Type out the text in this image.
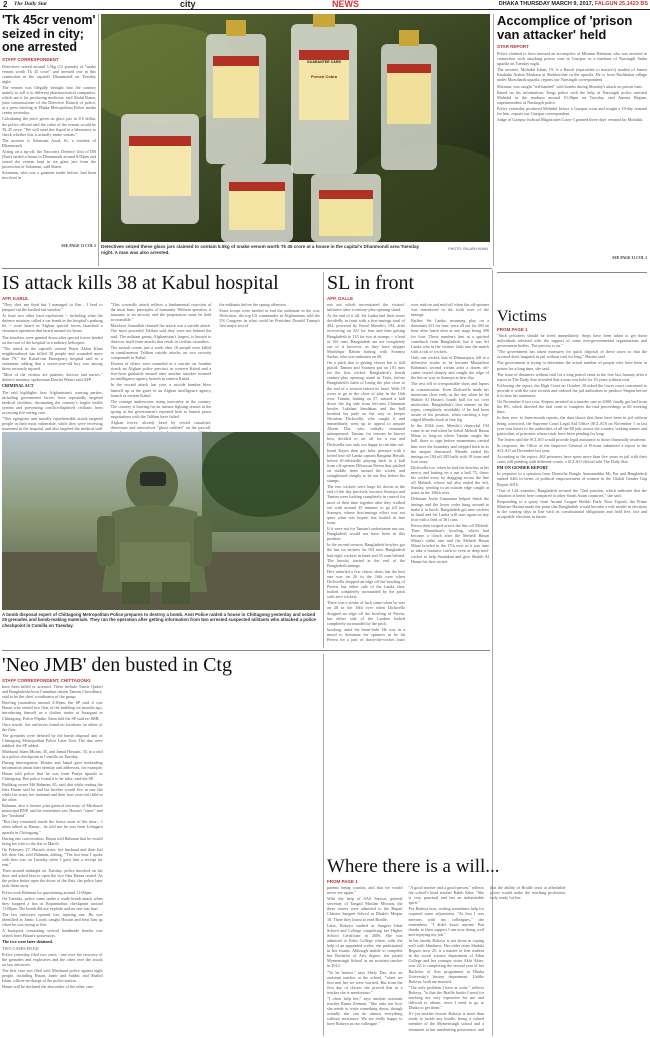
2 The Daily Star	city	NEWS	DHAKA THURSDAY MARCH 9, 2017, FALGUN 25,1423 BS
'Tk 45cr venom' seized in city; one arrested
STAFF CORRESPONDENT

Detectives seized around 5.5kg (12 pounds) of "snake venom worth Tk 45 crore" and arrested one in this connection in the capital's Dhanmondi on Tuesday night.

The venom was illegally brought into the country mainly to sell it to different pharmaceutical companies, which use it for producing medicine, said Abdul Baten, joint commissioner of the Detective Branch of police, at a press briefing at Dhaka Metropolitan Police media centre yesterday.

Calculating the price given on glass jars in US dollar, the police official said the value of the venom would be Tk 45 crore. "We will send this liquid to a laboratory to check whether this is actually snake venom."

The arrestee is Solaiman Azad, 61, a resident of Dhanmondi.

Acting on a tip-off, the Narcotics Defence Unit of DB (East) raided a house in Dhanmondi around 8:00pm and seized the venom kept in six glass jars from the possession of Solaiman, said Baten.

Solaiman, who was a garment trader before, had been involved in

SEE PAGE 11 COL 5
GUARANTEE CARD
French Cobra
Detectives seized these glass jars claimed to contain 5.5kg of snake venom worth Tk 45 crore at a house in the capital's Dhanmondi area Tuesday night. A man was also arrested.
PHOTO: PALASH KHAN
Accomplice of 'prison van attacker' held
STAR REPORT

Police claimed to have arrested an accomplice of Mizanur Rahman, who was arrested in connection with attacking prison vans in Gazipur, in a madrasa of Narsingdi Sadar upazila on Tuesday night.

The arrestee, Mohidul Islam, 19, is a Rawal (equivalent to master's) student of Jamea Emdadia Arabia Madrasa at Shekherchar in the upazila. He is from Rachhakat village under Monohardi upazila, reports our Narsingdi correspondent.

Mizanur, was caught "red-handed" with bombs during Monday's attack on prison vans.

Based on his information, Tongi police with the help of Narsingdi police arrested Mohidul in the madrasa around 10:30pm on Tuesday, said Amena Begum, superintendent of Narsingdi police.

Police yesterday produced Mohidul before a Gazipur court and sought a 10-day remand for him, reports our Gazipur correspondent.

Judge of Gazipur Judicial Magistrates Court-3 granted three days' remand for Mohidul.

SEE PAGE 11 COL 1
IS attack kills 38 at Kabul hospital
AFP, KABUL

"They shot me fired but I managed to flee... I lead to jumped out the hashed out window."

At least two other loud explosions -- including what the defence ministry called a car bomb in the hospital's parking lot -- were heard as Afghan special forces launched a clearance operation that lasted around six hours.

The attackers were gunned down after special forces landed on the roof of the hospital in a military helicopter.

"The attack in the capital's central Wazir Akbar Khan neighbourhood has killed 30 people and wounded more than 70," the Kabul-run Emergency hospital said in a statement, adding that a seven-year-old boy was among those seriously injured.

"Most of the victims are patients, doctors and nurses," defence ministry spokesman Dawlat Waziri said AFP.

CRIMINAL ACT

The raid highlights how Afghanistan's warring parties, including government forces, have repeatedly targeted medical facilities, decimating the country's fragile health system and preventing conflict-displaced civilians from accessing life-saving care.

"This egregious and morally reprehensible attack targeted people in their most vulnerable, while they were receiving treatment in the hospital, and also targeted the medical staff

"This cowardly attack reflects a fundamental rejection of the most basic principles of humanity. Without question, it amounts to an atrocity and the perpetrators must be held accountable."

Mawlawi Sanaullah claimed the attack was a suicide attack. The most powerful Taliban said they were not behind the raid. The militant group, Afghanistan's largest, is known to disavow itself from attacks that result in civilian casualties.

The assault comes just a week after 16 people were killed in simultaneous Taliban suicide attacks on two security compounds in Kabul.

Dozens of others were wounded as a suicide car bomber struck an Afghan police precinct in western Kabul and a five-hour gunbattle ensued after another attacker stormed an intelligence agency branch in eastern Kabul.

In the second attack last year, a suicide bomber blew himself up at the gates of an Afghan intelligence agency branch in eastern Kabul.

The carnage underscores rising insecurity in the country. The country is bracing for an intense fighting season in the spring as the government's repeated bids to launch peace negotiations with the Taliban have failed.

Afghan forces, already beset by record casualties, desertions and unresolved "ghost soldiers" on the payroll,

the militants before the spring offensive.

Extra troops were needed to end the stalemate in the war, Nicholson, the top US commander in Afghanistan, told the US Congress in what could be President Donald Trump's first major test of

A bomb disposal expert of Chittagong Metropolitan Police prepares to destroy a bomb. Asst Police raided a house in Chittagong yesterday and seized 29 grenades and bomb-making materials. They ran the operation after getting information from two arrested suspected militants who attacked a police checkpoint in Comilla on Tuesday.
SL in front
AFP, GALLE

run out which necessitated the visitors' initiative after a century-plus opening stand.

At the end of it all, Sri Lanka had their noses decidedly in front with a first-innings total of 494, powered by Kusal Mendis's 194, after recovering on 321 for four and then getting Bangladesh to 133 for two at stumps -- a lead of 361 runs. Bangladesh are not completely out of it however, as they have skipper Mushfiqur Rahim batting with Soumya Sarkar, who was unbeaten on 66.

On a pitch that is getting slower but is still placid, Tamim and Soumya put on 101 runs for the first wicket. Bangladesh's fourth century-plus opening stand in Tests, before Bangladesh's habit of losing the plot close to the end of a session reared its head. With 10 overs to go to the close of play in the 16th over, Tamim, batting on 57, missed a ball down the leg side from left-arm Chinaman bowler Lakshan Sandakan and the ball brushed his pads on the way to keeper Niroshan Dickwella, who caught it and immediately went up to appeal to umpire Aleem Dar, who initially remained unimpressed. Tamim, for reasons he knows best, decided to set off for a run and Dickwella was only too happy to run him out.

Imrul Kayes then got false pressure with a lofted four off Lanka captain Rangana Herath, before ill-advisedly playing back to a ball from off-spinner Dilruwan Perera that pitched on middle from around the wicket and straightened sharply to be out lbw before his stumps.

The two wickets were huge let downs at the end of the day precisely because Soumya and Tamim were looking completely in control for most of their time together after they walked out with around 45 minutes to go till tea. Soumya, whose first-innings effort was not quite what was hoped, has looked in fine form.

If it were not for Tamim's unfortunate run out, Bangladesh would not have been in this position.

In the second session, Bangladesh bowlers got the last six wickets for 103 runs. Bangladesh had eight wickets in hand and 55 runs behind. The knocks started at the end of the Bangladesh innings.

He's unfurled a few classic shots, but the best one was on 26 in the 16th over when Dickwella dropped an edge off the bowling of Perera, but either side of the Lanka shot, looked completely surrounded by the pitch with zero wickets.

There was a stroke of luck came when he was on 28 in the 16th over when Dickwella dropped an edge off the bowling of Perera, but either side of the Lankan looked completely surrounded by the pitch.

bowling, amid his brain-fade. He was in a mood to dominate the spinners as he hit Perera for a pair of down-the-wicket fours over mid-on and mid-off when the off-spinner was introduced in the sixth over of the innings.

Earlier, Sri Lanka, resuming play on a dominant 321 for four, were all out for 494 an hour after lunch after at one stage being 398 for four. Those numbers hint at a spirited comeback from Bangladesh, but it was Sri Lanka who in the visitors' fault into the match with a raft of wickets.

Only one wicket, that of Dhananjaya, fell to a defensive stroke as he became Mustafizur Rahman's second victim after a dozen off-cutter seized sharply and caught the edge of the bat on way to Soumya at first slip.

The rest fell to irresponsible shots and lapses in concentration. Even Dickwella made his intentions clear early as the day when he hit Shakib Al Hasan's fourth ball for six over midwicket. Bangladesh's first seamer on the ropes, completely avoidably if he had been aware of his position, when catching a top-edged Mendis hook at fine leg.

In the 104th over, Mendis's chanceful 194 came to an end when he lofted Mehedi Hasan Miraz to long-on where Tamim caught the ball. there to sign before momentum carried him over the boundary and stepped back in as the umpire dismissed. Mendis ended his innings on 194 off 285 balls with 19 fours and four sixes.

Dickwella too, when he had the bowlers at his mercy and batting on a run a ball 75, threw his wicket away by dragging across the line off Mehedi, whose tail also ended the left, Sunday, sending in an outside edge caught at point in the 106th over.

Debutant Asela Gunaratne helped finish the innings and the lower order hung around to make it to lunch. Bangladesh got nine wickets in hand and Sri Lanka will start again on day four with a lead of 361 runs.

Perera then swiped across the line off Mehedi. Then Mustafizur's bowling, which had become a clinch after the Mehedi Hasan Miraz's strike rate and the Mehedi Hasan Miraz bowled in the 17th over so it was time to take a fantastic catch to even at deep mid-wicket to help Sandakan and give Shakib Al Hasan his first wicket.

Victims
FROM PAGE 1

"Such prisoners should be freed immediately. Steps have been taken to get those individuals released with the support of some non-governmental organisations and government bodies. The process is on."

"The government has taken measures for quick disposal of these cases so that the accused don't languish in jail without trial for long," Hasina said.

The government is trying to determine the actual number of people who have been in prison for a long time, she said.

The issue of detainees without trial for a long period came to the fore last January after a report in The Daily Star revealed that a man was held for 16 years without trial.

Following the report, the High Court on October 30 asked the lower court concerned to provide it with the case records and ordered the jail authorities to produce Shipon before it to hear his statement.

On November 6 last year, Shipon, arrested in a murder case in 2000, finally got bail from the HC, which directed the trial court to complete the trial proceedings in 60 working days.

In their two- to three-month reports, the data shows that these have been in jail without being convicted, the Supreme Court Legal Aid Office (SCLAO) on November 1 in last year sent letters to the authorities of all the 68 jails across the country, seeking names and particulars of prisoners whose trials have been pending for long.

The letters said the SCLAO would provide legal assistance to those financially insolvent.

In response, the Office of the Inspector General of Prisons submitted a report to the SCLAO on December last year.

According to the report, 462 prisoners have spent more than five years in jail with their cases still pending with different courts, a SCLAO official told The Daily Star.

PM ON GENDER REPORT

In response to a question from Deutsche Bangla Anasamabha Ms Pas and Bangladesh ranked 64th in terms of political empowerment of women in the Global Gender Gap Report 2016.

"Out of 144 countries, Bangladesh secured the 72nd position, which indicates that the situation is better here compared to other South Asian countries," she said.

Responding to a query from Awami League Sheikh Fazle Noor Taposh, the Prime Minister Hasina made the point that Bangladesh would become a role model in elections in the coming days in line with its constitutional obligations and field free, fair and acceptable elections in future.

'Neo JMB' den busted in Ctg
STAFF CORRESPONDENT, CHITTAGONG

have been killed or arrested. These include Tanvir Qaderi and Bangladeshi-born Canadian citizen Tamim Chowdhury, said to be the chief coordinator of the group.

Briefing journalists around 3:30pm, the SP said it was Hasan who rented two flats of the building six months ago, introducing himself as a clothes trader at Jorargani in Chittagong. Police Plipthe, Saim told the SP said ex-JMB.

Once inside, law enforcers found no locations on either of the flats.

The grenades were defused by the bomb disposal unit of Chittagong Metropolitan Police Later Unit. The duo were nabbed, the SP added.

Mahfuzul Islam Moina, 45, and Jamal Hossain, 35, in a raid in a police checkpoint in Comilla on Tuesday.

During interrogation, Hosain and Jamal gave misleading information about their identity and addresses, for example, Hasan told police that he was from Patiya upazila in Chittagong. But police found it to be false, said the SP.

Building owner Md Bahman, 65, said that while renting the flats Hasan said he and his brother would live in one flat while his sister, her husband and their four-year-old child in the other.

Bahman, also a former joint general secretary of Mirsharai municipal BNP, said he sometimes saw Hasan's "sister" and her "husband".

"But they remained inside the house most of the time... I often talked to Hasan... he told me he was from Lohagara upazila in Chittagong."

During one conversation, Hasan told Bahman that he would bring his wife to the flat in March.

On February 27, Hasan's sister, her husband and their kid left their flat, told Bahman, adding, "The last time I spoke with him was on Tuesday when I gave him a receipt for rent."

Then around midnight on Tuesday, police knocked on his door and asked him to open the two flats Hasan rented. As the police broke open the doors of the flats, the police later took them away.

Police took Bahman for questioning around 11:00pm.

On Tuesday, police came under a crude bomb attack when they stopped a bus at Rajanmohun checkpoint around 11:00pm. The bomb did not explode and no one was hurt.

The law enforcers opened fire, injuring one. He was identified as Jamir. Locals caught Hosain and beat him up when he was trying to flee.

A backpack containing several handmade bombs was seized from Hasan's possession.

The two were later detained.

TWO CASES FILED

Police yesterday filed two cases - one over the recovery of the grenades and explosives and the other over the attack on law enforcers.

The first case was filed with Mirsharai police against eight people, including Hasan, Jamir and Sabbir, and Shahid Islam, officer-in-charge of the police station.

Hasan will be declared the absconder of the other case.

Where there is a will...
FROM PAGE 1

parents being cousins, and that we would never see again."

With the help of SAS Sarwat, general secretary of Tangail Muslim Mission, the three sisters were admitted to the Bupati Chhotoi Sangeet School in Dhaka's Mirpur 10. There they learnt to read Braille.

Later, Rokeya studied at Sangeet Ideal School and College completing her Higher School Certificate in 2006. She was admitted to Eden College where, with the help of an appointed scribe, she participated in her exams. Although unable to complete her Bachelor of Arts degree, she joined Mymensingh School as an assistant teacher in 2012.

"To be honest," says Shely Das, also an assistant teacher at the school, "when we first met her we were worried. But from the first day of classes she proved that as a teacher she is meritorious."

"I often help her," says another assistant teacher Ruma Zerman. "She asks me how she needs to write something down, though actually she can do almost everything without assistance. We are really happy to have Rokeya as our colleague."

"A good teacher and a good person," reflects the school's head teacher Rakib Saha. "She is very punctual and has an indomitable spirit."

For Rokeya now, writing sometimes help for required some adjustment. "At first I was nervous with my colleagues," she remembers. "I didn't know anyone. But thanks to their support I am now doing well and enjoying my job."

In her family Rokeya is not alone in coping well with blindness. Her older sister Shakila Begum, now 25, is a master of fine student in the social science department of Eden College and her younger sister Akhi Akter, now 22, is completing the second year of her Bachelor of Arts programme at Dhaka University's history department. Unlike Rokeya, both are married.

"The only problem I have at work," reflects Rokeya, "is that the Braille books I need for teaching are very expensive for me and difficult to obtain, since I need to go to Dhaka to get them."

It's yet another lesson: Rokeya is more than ready to tackle any hurdle, being a valued member of the Mymensingh school and a testament to her unrelenting persistence, and that the ability of Braille texts at affordable prices would make the teaching profession truly ready for her.
